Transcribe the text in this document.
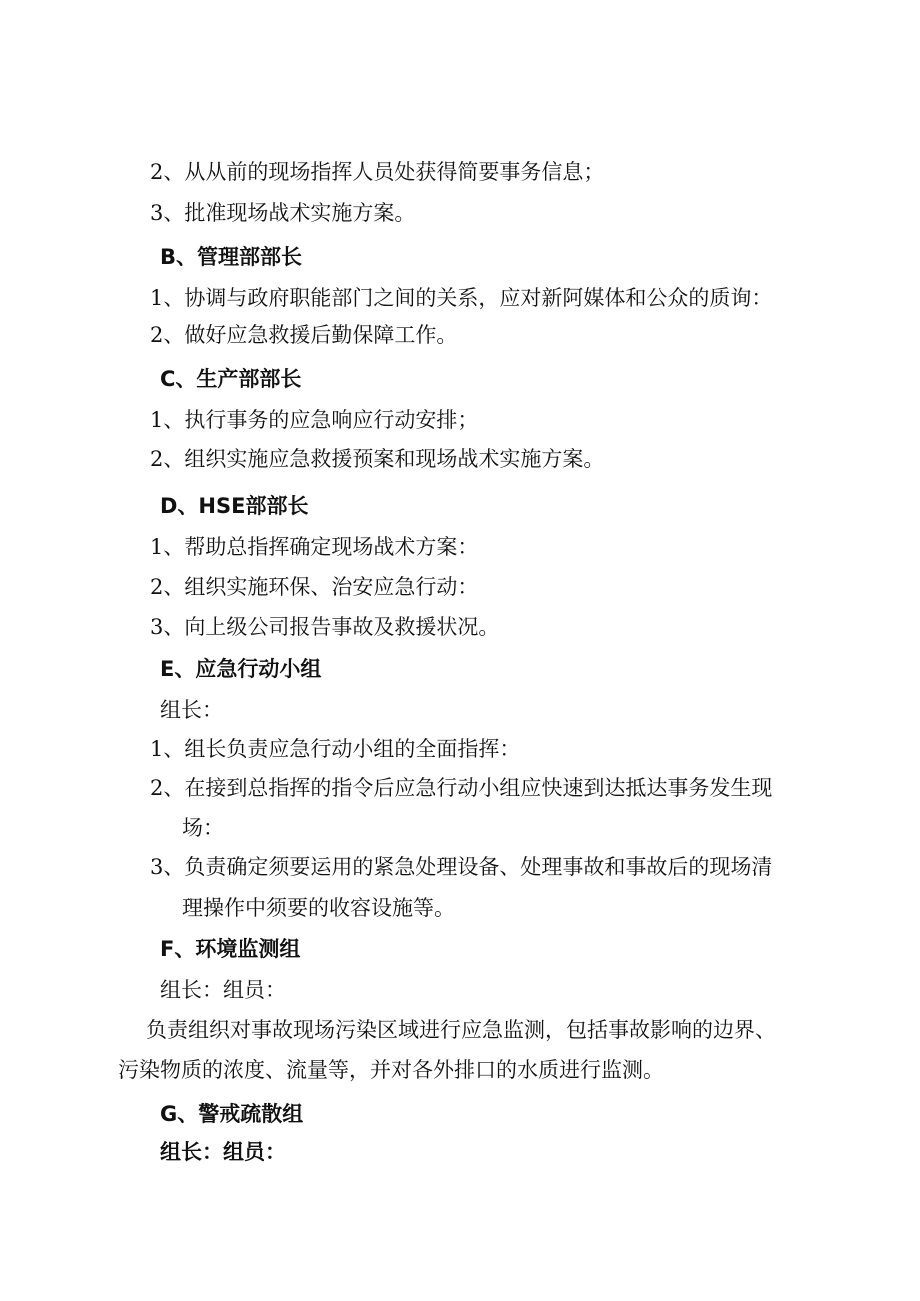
2、从从前的现场指挥人员处获得简要事务信息；
3、批准现场战术实施方案。
B、管理部部长
1、协调与政府职能部门之间的关系，应对新阿媒体和公众的质询：
2、做好应急救援后勤保障工作。
C、生产部部长
1、执行事务的应急响应行动安排；
2、组织实施应急救援预案和现场战术实施方案。
D、HSE部部长
1、帮助总指挥确定现场战术方案：
2、组织实施环保、治安应急行动：
3、向上级公司报告事故及救援状况。
E、应急行动小组
组长：
1、组长负责应急行动小组的全面指挥：
2、在接到总指挥的指令后应急行动小组应快速到达抵达事务发生现
场：
3、负责确定须要运用的紧急处理设备、处理事故和事故后的现场清
理操作中须要的收容设施等。
F、环境监测组
组长：组员：
负责组织对事故现场污染区域进行应急监测，包括事故影响的边界、
污染物质的浓度、流量等，并对各外排口的水质进行监测。
G、警戒疏散组
组长：组员：
